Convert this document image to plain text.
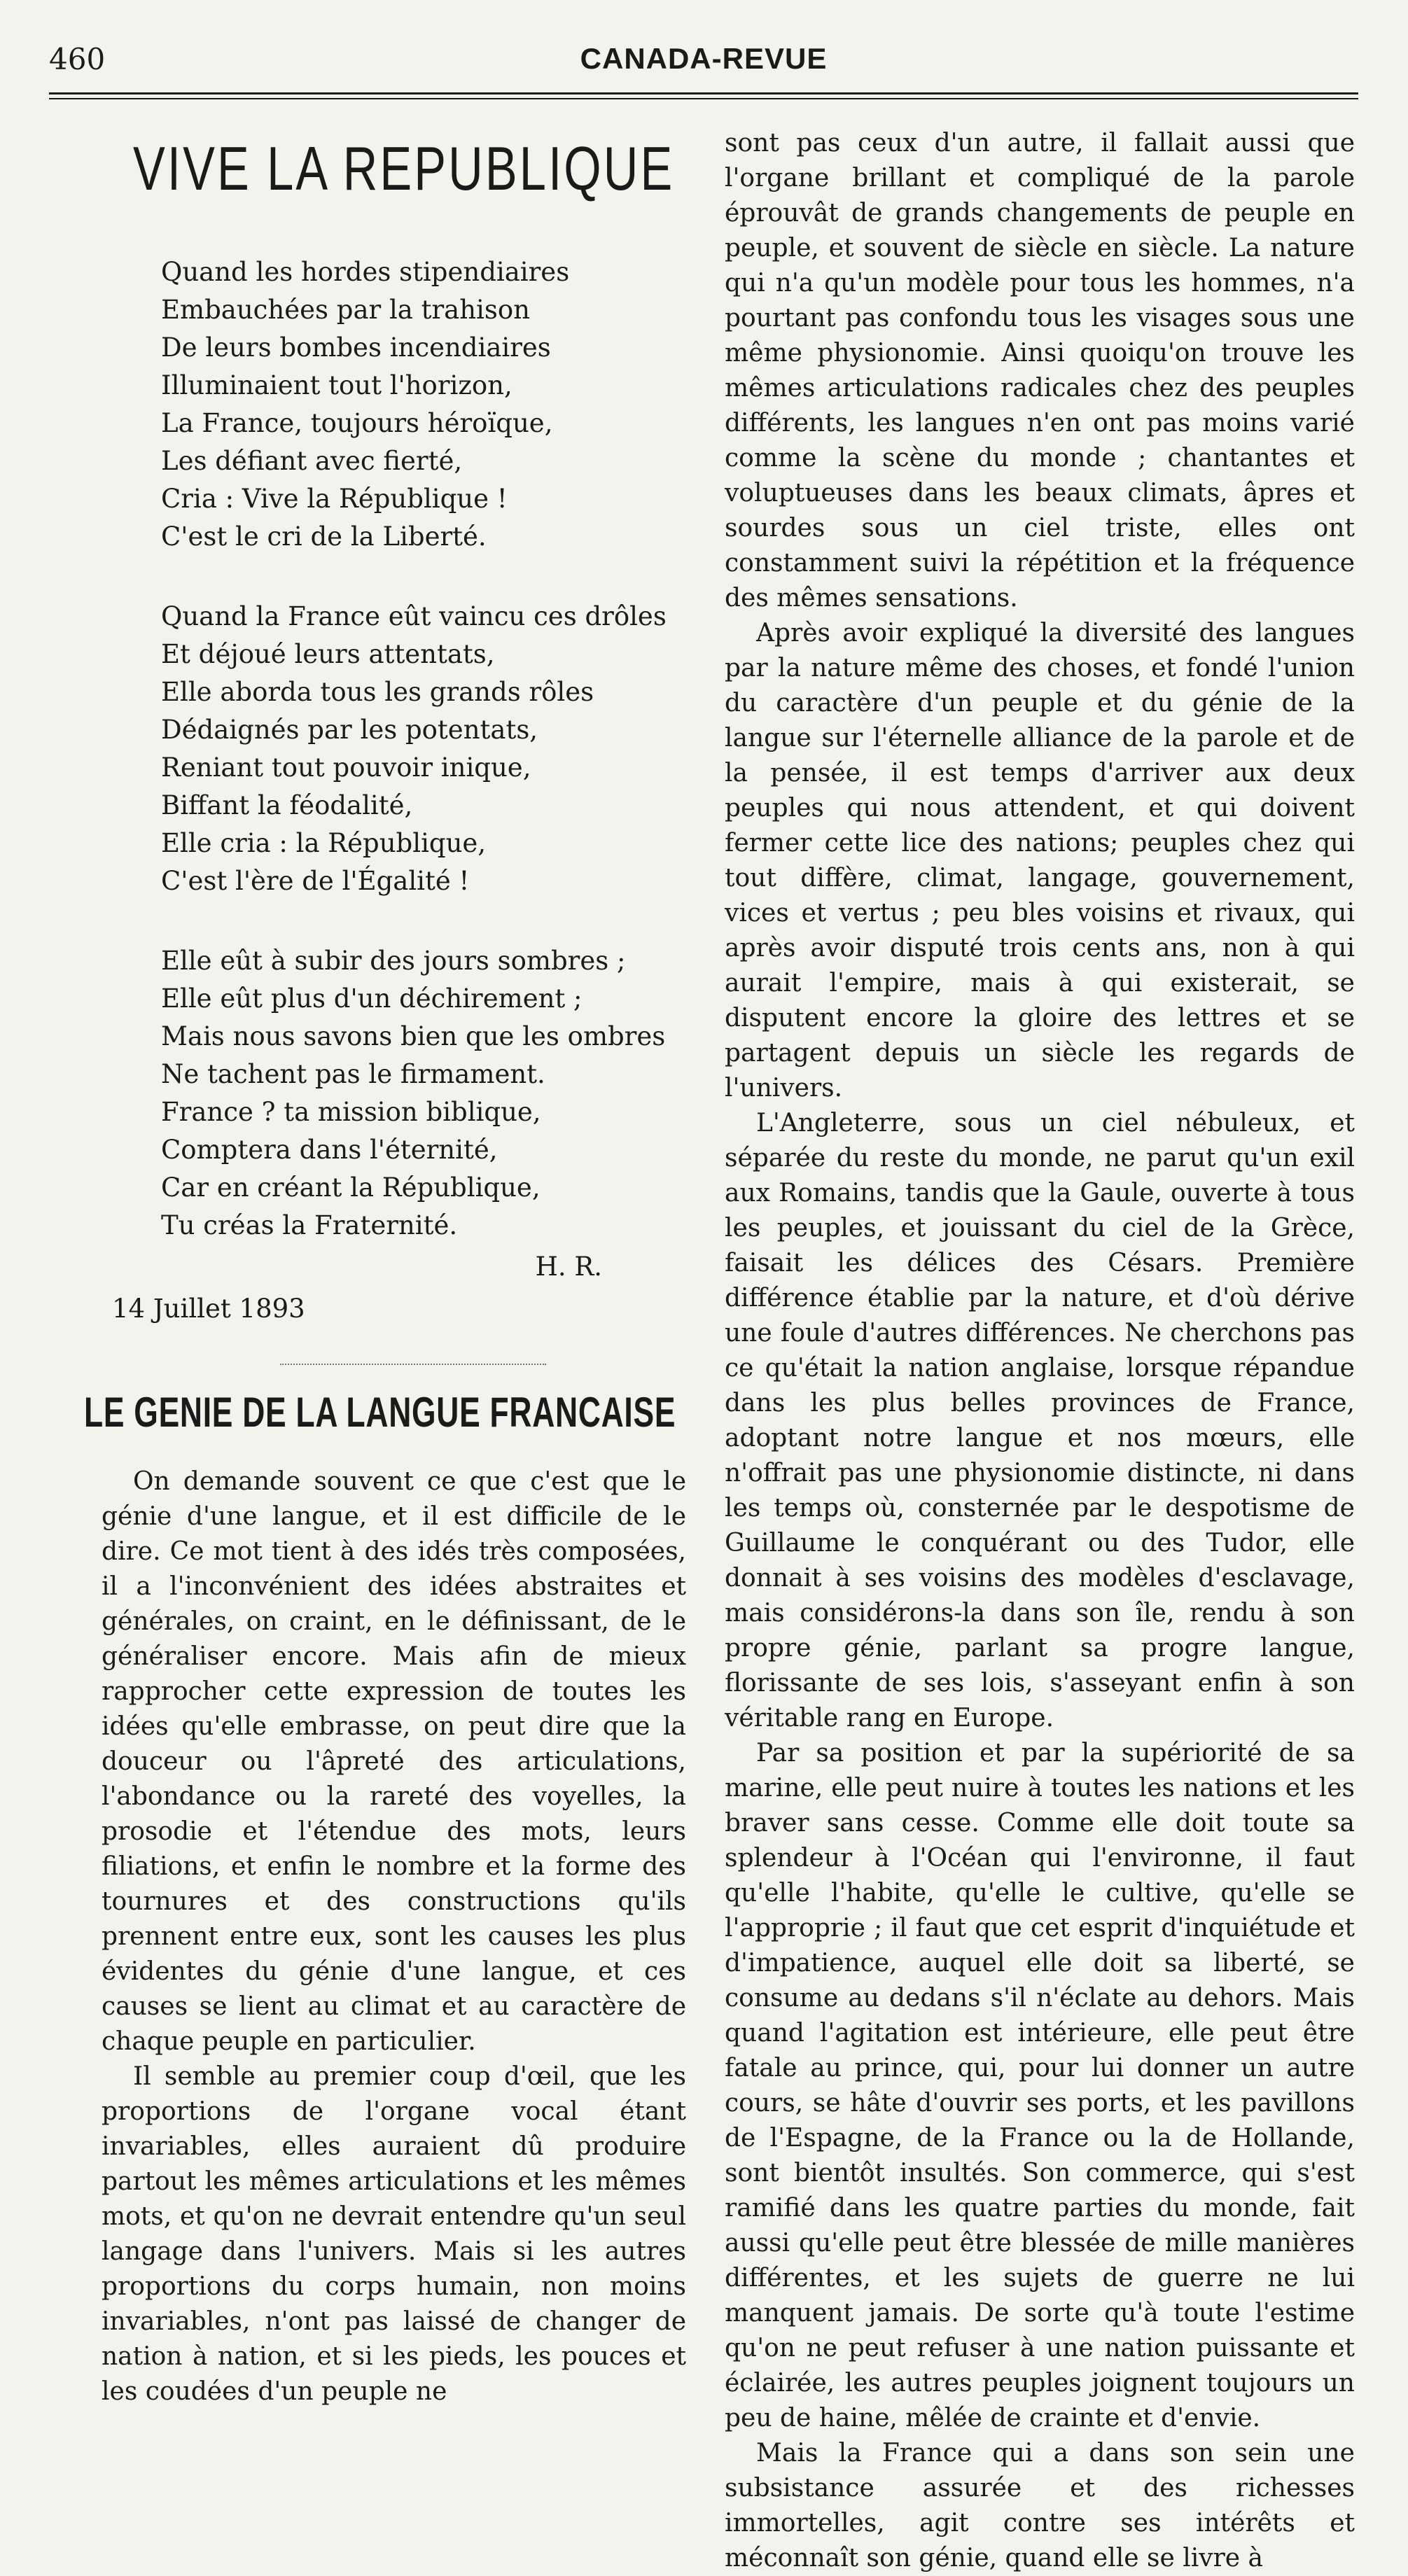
460	CANADA-REVUE
VIVE LA REPUBLIQUE
Quand les hordes stipendiaires
Embauchées par la trahison
De leurs bombes incendiaires
Illuminaient tout l'horizon,
La France, toujours héroïque,
Les défiant avec fierté,
Cria : Vive la République !
C'est le cri de la Liberté.
Quand la France eût vaincu ces drôles
Et déjoué leurs attentats,
Elle aborda tous les grands rôles
Dédaignés par les potentats,
Reniant tout pouvoir inique,
Biffant la féodalité,
Elle cria : la République,
C'est l'ère de l'Égalité !
Elle eût à subir des jours sombres ;
Elle eût plus d'un déchirement ;
Mais nous savons bien que les ombres
Ne tachent pas le firmament.
France ? ta mission biblique,
Comptera dans l'éternité,
Car en créant la République,
Tu créas la Fraternité.
H. R.
14 Juillet 1893
LE GENIE DE LA LANGUE FRANCAISE

On demande souvent ce que c'est que le génie d'une langue, et il est difficile de le dire. Ce mot tient à des idés très composées, il a l'inconvénient des idées abstraites et générales, on craint, en le définissant, de le généraliser encore. Mais afin de mieux rapprocher cette expression de toutes les idées qu'elle embrasse, on peut dire que la douceur ou l'âpreté des articulations, l'abondance ou la rareté des voyelles, la prosodie et l'étendue des mots, leurs filiations, et enfin le nombre et la forme des tournures et des constructions qu'ils prennent entre eux, sont les causes les plus évidentes du génie d'une langue, et ces causes se lient au climat et au caractère de chaque peuple en particulier.

Il semble au premier coup d'œil, que les proportions de l'organe vocal étant invariables, elles auraient dû produire partout les mêmes articulations et les mêmes mots, et qu'on ne devrait entendre qu'un seul langage dans l'univers. Mais si les autres proportions du corps humain, non moins invariables, n'ont pas laissé de changer de nation à nation, et si les pieds, les pouces et les coudées d'un peuple ne

sont pas ceux d'un autre, il fallait aussi que l'organe brillant et compliqué de la parole éprouvât de grands changements de peuple en peuple, et souvent de siècle en siècle. La nature qui n'a qu'un modèle pour tous les hommes, n'a pourtant pas confondu tous les visages sous une même physionomie. Ainsi quoiqu'on trouve les mêmes articulations radicales chez des peuples différents, les langues n'en ont pas moins varié comme la scène du monde ; chantantes et voluptueuses dans les beaux climats, âpres et sourdes sous un ciel triste, elles ont constamment suivi la répétition et la fréquence des mêmes sensations.

Après avoir expliqué la diversité des langues par la nature même des choses, et fondé l'union du caractère d'un peuple et du génie de la langue sur l'éternelle alliance de la parole et de la pensée, il est temps d'arriver aux deux peuples qui nous attendent, et qui doivent fermer cette lice des nations; peuples chez qui tout diffère, climat, langage, gouvernement, vices et vertus ; peu bles voisins et rivaux, qui après avoir disputé trois cents ans, non à qui aurait l'empire, mais à qui existerait, se disputent encore la gloire des lettres et se partagent depuis un siècle les regards de l'univers.

L'Angleterre, sous un ciel nébuleux, et séparée du reste du monde, ne parut qu'un exil aux Romains, tandis que la Gaule, ouverte à tous les peuples, et jouissant du ciel de la Grèce, faisait les délices des Césars. Première différence établie par la nature, et d'où dérive une foule d'autres différences. Ne cherchons pas ce qu'était la nation anglaise, lorsque répandue dans les plus belles provinces de France, adoptant notre langue et nos mœurs, elle n'offrait pas une physionomie distincte, ni dans les temps où, consternée par le despotisme de Guillaume le conquérant ou des Tudor, elle donnait à ses voisins des modèles d'esclavage, mais considérons-la dans son île, rendu à son propre génie, parlant sa progre langue, florissante de ses lois, s'asseyant enfin à son véritable rang en Europe.

Par sa position et par la supériorité de sa marine, elle peut nuire à toutes les nations et les braver sans cesse. Comme elle doit toute sa splendeur à l'Océan qui l'environne, il faut qu'elle l'habite, qu'elle le cultive, qu'elle se l'approprie ; il faut que cet esprit d'inquiétude et d'impatience, auquel elle doit sa liberté, se consume au dedans s'il n'éclate au dehors. Mais quand l'agitation est intérieure, elle peut être fatale au prince, qui, pour lui donner un autre cours, se hâte d'ouvrir ses ports, et les pavillons de l'Espagne, de la France ou la de Hollande, sont bientôt insultés. Son commerce, qui s'est ramifié dans les quatre parties du monde, fait aussi qu'elle peut être blessée de mille manières différentes, et les sujets de guerre ne lui manquent jamais. De sorte qu'à toute l'estime qu'on ne peut refuser à une nation puissante et éclairée, les autres peuples joignent toujours un peu de haine, mêlée de crainte et d'envie.

Mais la France qui a dans son sein une subsistance assurée et des richesses immortelles, agit contre ses intérêts et méconnaît son génie, quand elle se livre à
